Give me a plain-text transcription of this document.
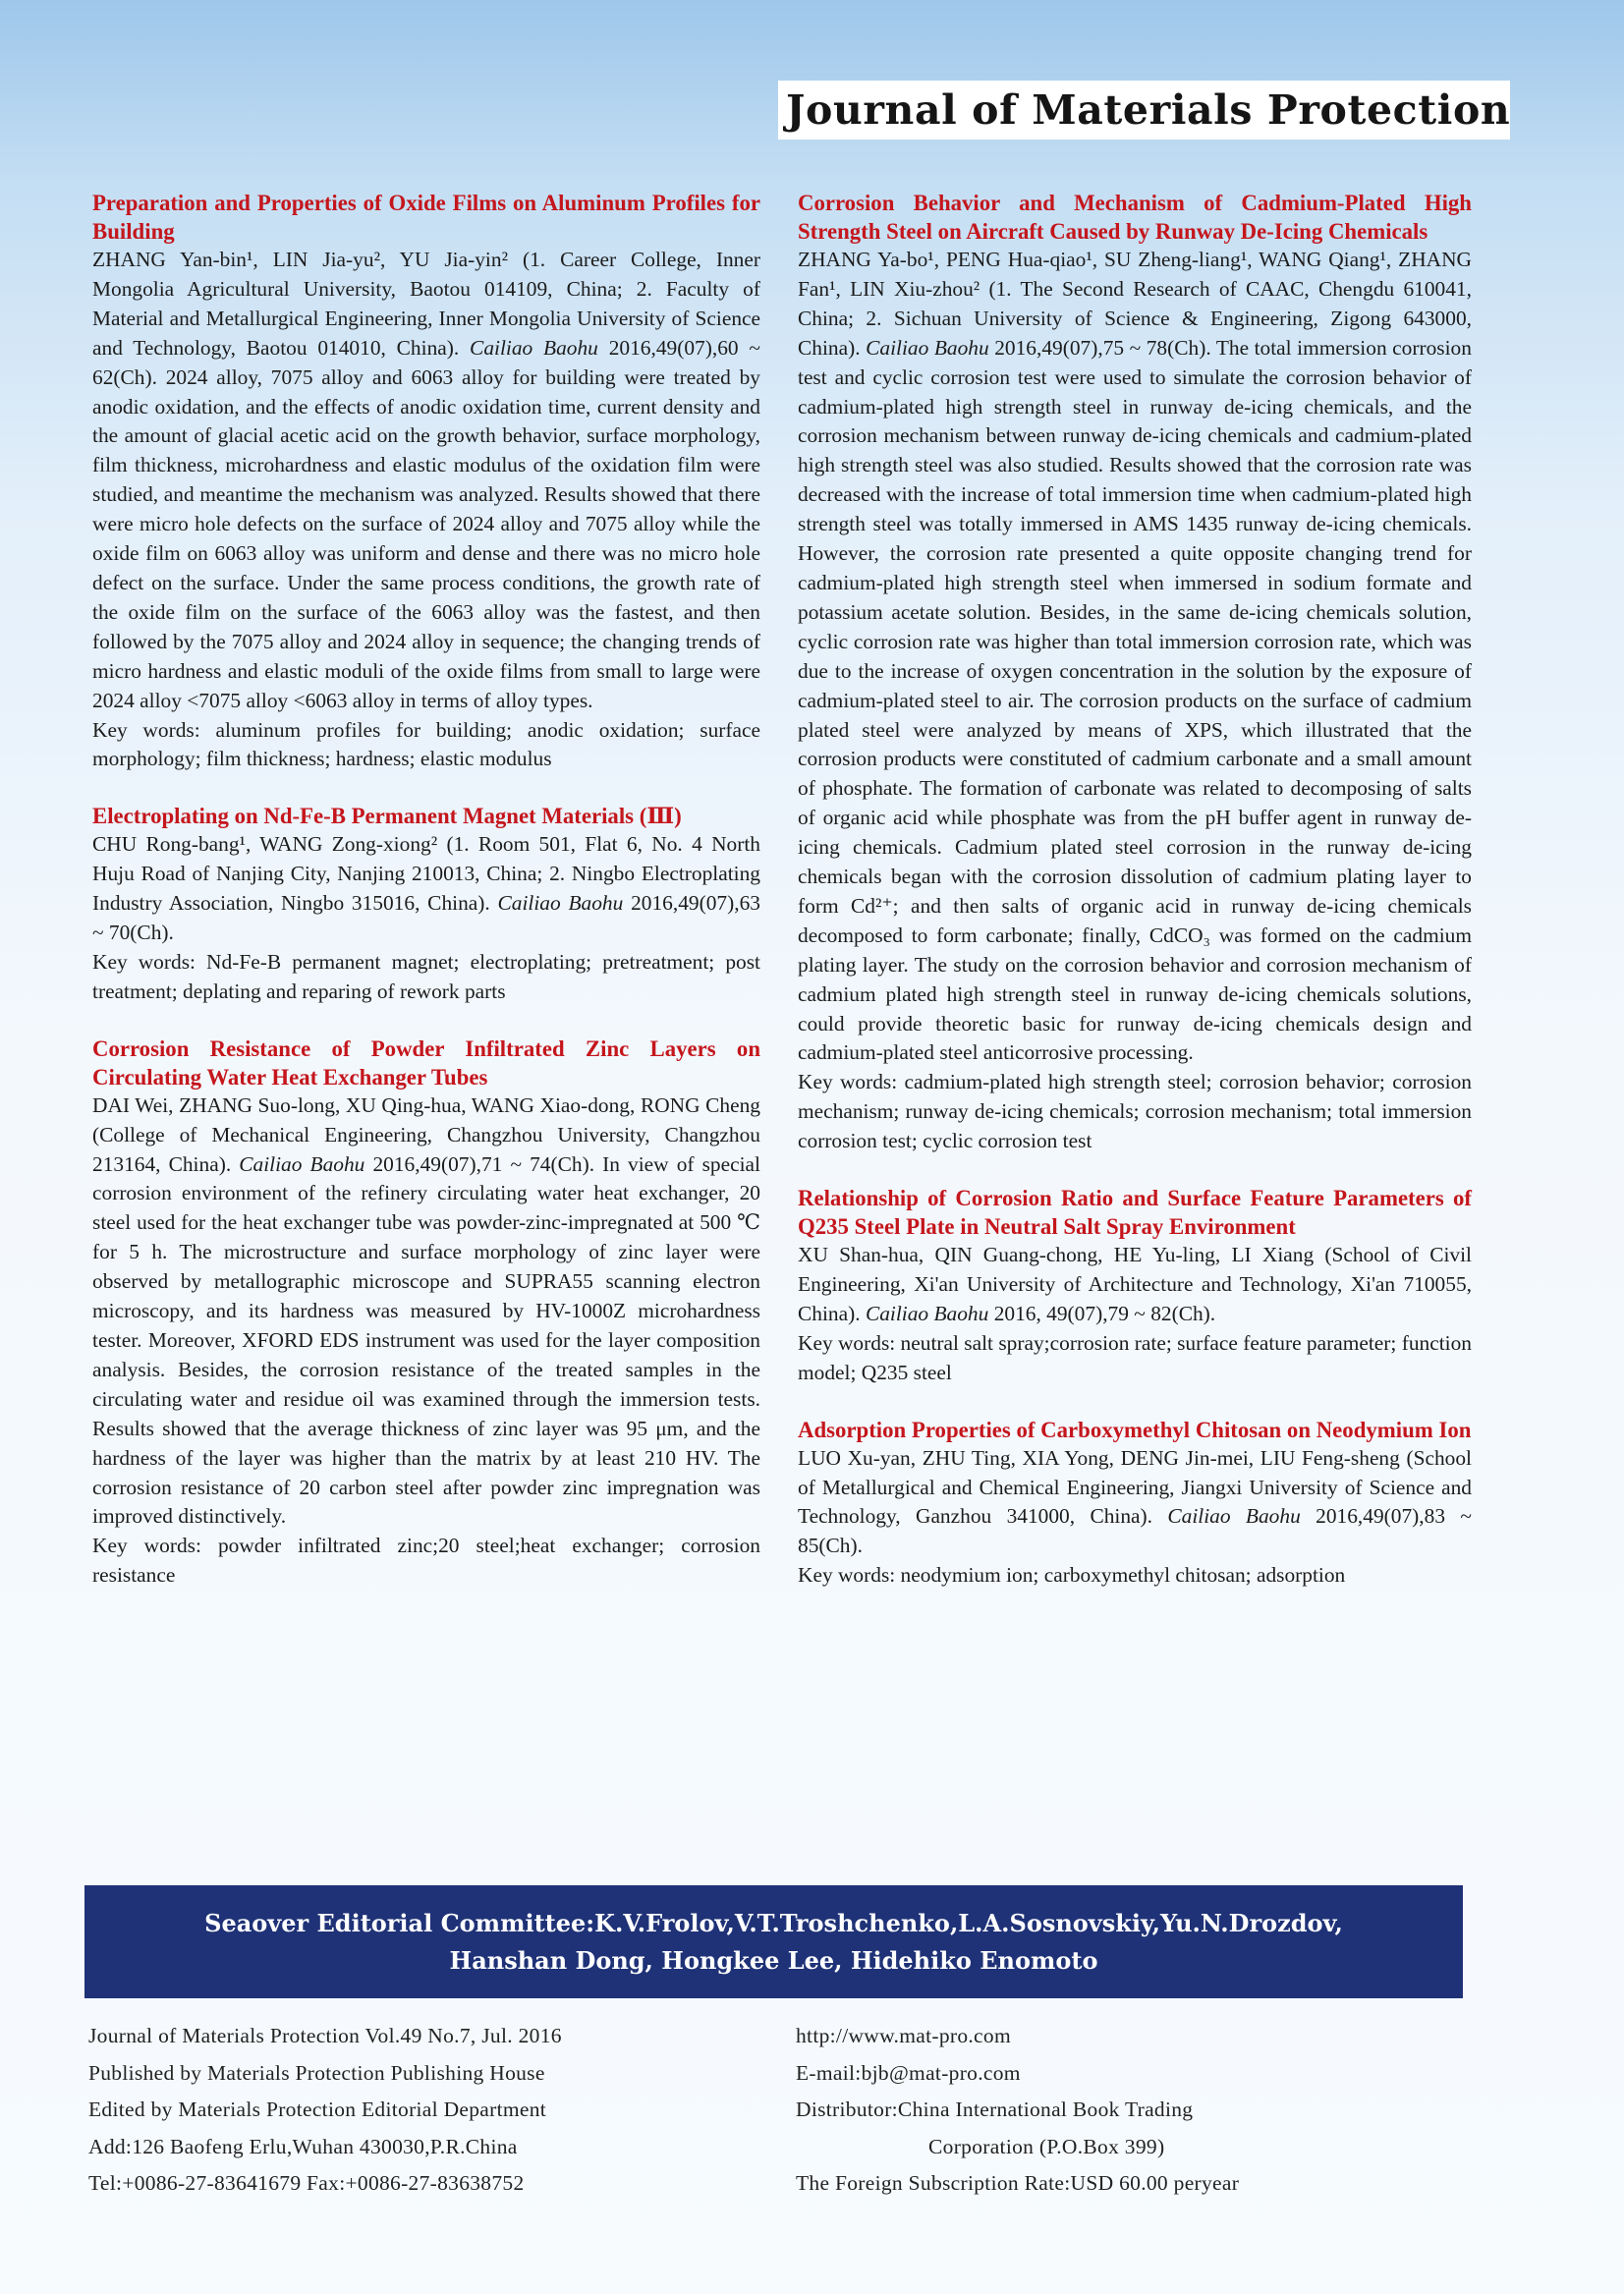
Journal of Materials Protection
Preparation and Properties of Oxide Films on Aluminum Profiles for Building
ZHANG Yan-bin¹, LIN Jia-yu², YU Jia-yin² (1. Career College, Inner Mongolia Agricultural University, Baotou 014109, China; 2. Faculty of Material and Metallurgical Engineering, Inner Mongolia University of Science and Technology, Baotou 014010, China). Cailiao Baohu 2016,49(07),60 ~ 62(Ch). 2024 alloy, 7075 alloy and 6063 alloy for building were treated by anodic oxidation, and the effects of anodic oxidation time, current density and the amount of glacial acetic acid on the growth behavior, surface morphology, film thickness, microhardness and elastic modulus of the oxidation film were studied, and meantime the mechanism was analyzed. Results showed that there were micro hole defects on the surface of 2024 alloy and 7075 alloy while the oxide film on 6063 alloy was uniform and dense and there was no micro hole defect on the surface. Under the same process conditions, the growth rate of the oxide film on the surface of the 6063 alloy was the fastest, and then followed by the 7075 alloy and 2024 alloy in sequence; the changing trends of micro hardness and elastic moduli of the oxide films from small to large were 2024 alloy <7075 alloy <6063 alloy in terms of alloy types.
Key words: aluminum profiles for building; anodic oxidation; surface morphology; film thickness; hardness; elastic modulus
Electroplating on Nd-Fe-B Permanent Magnet Materials (Ⅲ)
CHU Rong-bang¹, WANG Zong-xiong² (1. Room 501, Flat 6, No. 4 North Huju Road of Nanjing City, Nanjing 210013, China; 2. Ningbo Electroplating Industry Association, Ningbo 315016, China). Cailiao Baohu 2016,49(07),63 ~ 70(Ch).
Key words: Nd-Fe-B permanent magnet; electroplating; pretreatment; post treatment; deplating and reparing of rework parts
Corrosion Resistance of Powder Infiltrated Zinc Layers on Circulating Water Heat Exchanger Tubes
DAI Wei, ZHANG Suo-long, XU Qing-hua, WANG Xiao-dong, RONG Cheng (College of Mechanical Engineering, Changzhou University, Changzhou 213164, China). Cailiao Baohu 2016,49(07),71 ~ 74(Ch). In view of special corrosion environment of the refinery circulating water heat exchanger, 20 steel used for the heat exchanger tube was powder-zinc-impregnated at 500 ℃ for 5 h. The microstructure and surface morphology of zinc layer were observed by metallographic microscope and SUPRA55 scanning electron microscopy, and its hardness was measured by HV-1000Z microhardness tester. Moreover, XFORD EDS instrument was used for the layer composition analysis. Besides, the corrosion resistance of the treated samples in the circulating water and residue oil was examined through the immersion tests. Results showed that the average thickness of zinc layer was 95 μm, and the hardness of the layer was higher than the matrix by at least 210 HV. The corrosion resistance of 20 carbon steel after powder zinc impregnation was improved distinctively.
Key words: powder infiltrated zinc;20 steel;heat exchanger; corrosion resistance
Corrosion Behavior and Mechanism of Cadmium-Plated High Strength Steel on Aircraft Caused by Runway De-Icing Chemicals
ZHANG Ya-bo¹, PENG Hua-qiao¹, SU Zheng-liang¹, WANG Qiang¹, ZHANG Fan¹, LIN Xiu-zhou² (1. The Second Research of CAAC, Chengdu 610041, China; 2. Sichuan University of Science & Engineering, Zigong 643000, China). Cailiao Baohu 2016,49(07),75 ~ 78(Ch). The total immersion corrosion test and cyclic corrosion test were used to simulate the corrosion behavior of cadmium-plated high strength steel in runway de-icing chemicals, and the corrosion mechanism between runway de-icing chemicals and cadmium-plated high strength steel was also studied. Results showed that the corrosion rate was decreased with the increase of total immersion time when cadmium-plated high strength steel was totally immersed in AMS 1435 runway de-icing chemicals. However, the corrosion rate presented a quite opposite changing trend for cadmium-plated high strength steel when immersed in sodium formate and potassium acetate solution. Besides, in the same de-icing chemicals solution, cyclic corrosion rate was higher than total immersion corrosion rate, which was due to the increase of oxygen concentration in the solution by the exposure of cadmium-plated steel to air. The corrosion products on the surface of cadmium plated steel were analyzed by means of XPS, which illustrated that the corrosion products were constituted of cadmium carbonate and a small amount of phosphate. The formation of carbonate was related to decomposing of salts of organic acid while phosphate was from the pH buffer agent in runway de-icing chemicals. Cadmium plated steel corrosion in the runway de-icing chemicals began with the corrosion dissolution of cadmium plating layer to form Cd²⁺; and then salts of organic acid in runway de-icing chemicals decomposed to form carbonate; finally, CdCO₃ was formed on the cadmium plating layer. The study on the corrosion behavior and corrosion mechanism of cadmium plated high strength steel in runway de-icing chemicals solutions, could provide theoretic basic for runway de-icing chemicals design and cadmium-plated steel anticorrosive processing.
Key words: cadmium-plated high strength steel; corrosion behavior; corrosion mechanism; runway de-icing chemicals; corrosion mechanism; total immersion corrosion test; cyclic corrosion test
Relationship of Corrosion Ratio and Surface Feature Parameters of Q235 Steel Plate in Neutral Salt Spray Environment
XU Shan-hua, QIN Guang-chong, HE Yu-ling, LI Xiang (School of Civil Engineering, Xi'an University of Architecture and Technology, Xi'an 710055, China). Cailiao Baohu 2016, 49(07),79 ~ 82(Ch).
Key words: neutral salt spray;corrosion rate; surface feature parameter; function model; Q235 steel
Adsorption Properties of Carboxymethyl Chitosan on Neodymium Ion
LUO Xu-yan, ZHU Ting, XIA Yong, DENG Jin-mei, LIU Feng-sheng (School of Metallurgical and Chemical Engineering, Jiangxi University of Science and Technology, Ganzhou 341000, China). Cailiao Baohu 2016,49(07),83 ~ 85(Ch).
Key words: neodymium ion; carboxymethyl chitosan; adsorption
Seaover Editorial Committee:K.V.Frolov,V.T.Troshchenko,L.A.Sosnovskiy,Yu.N.Drozdov,
Hanshan Dong, Hongkee Lee, Hidehiko Enomoto
Journal of Materials Protection Vol.49 No.7, Jul. 2016
Published by Materials Protection Publishing House
Edited by Materials Protection Editorial Department
Add:126 Baofeng Erlu,Wuhan 430030,P.R.China
Tel:+0086-27-83641679 Fax:+0086-27-83638752
http://www.mat-pro.com
E-mail:bjb@mat-pro.com
Distributor:China International Book Trading
Corporation (P.O.Box 399)
The Foreign Subscription Rate:USD 60.00 peryear
